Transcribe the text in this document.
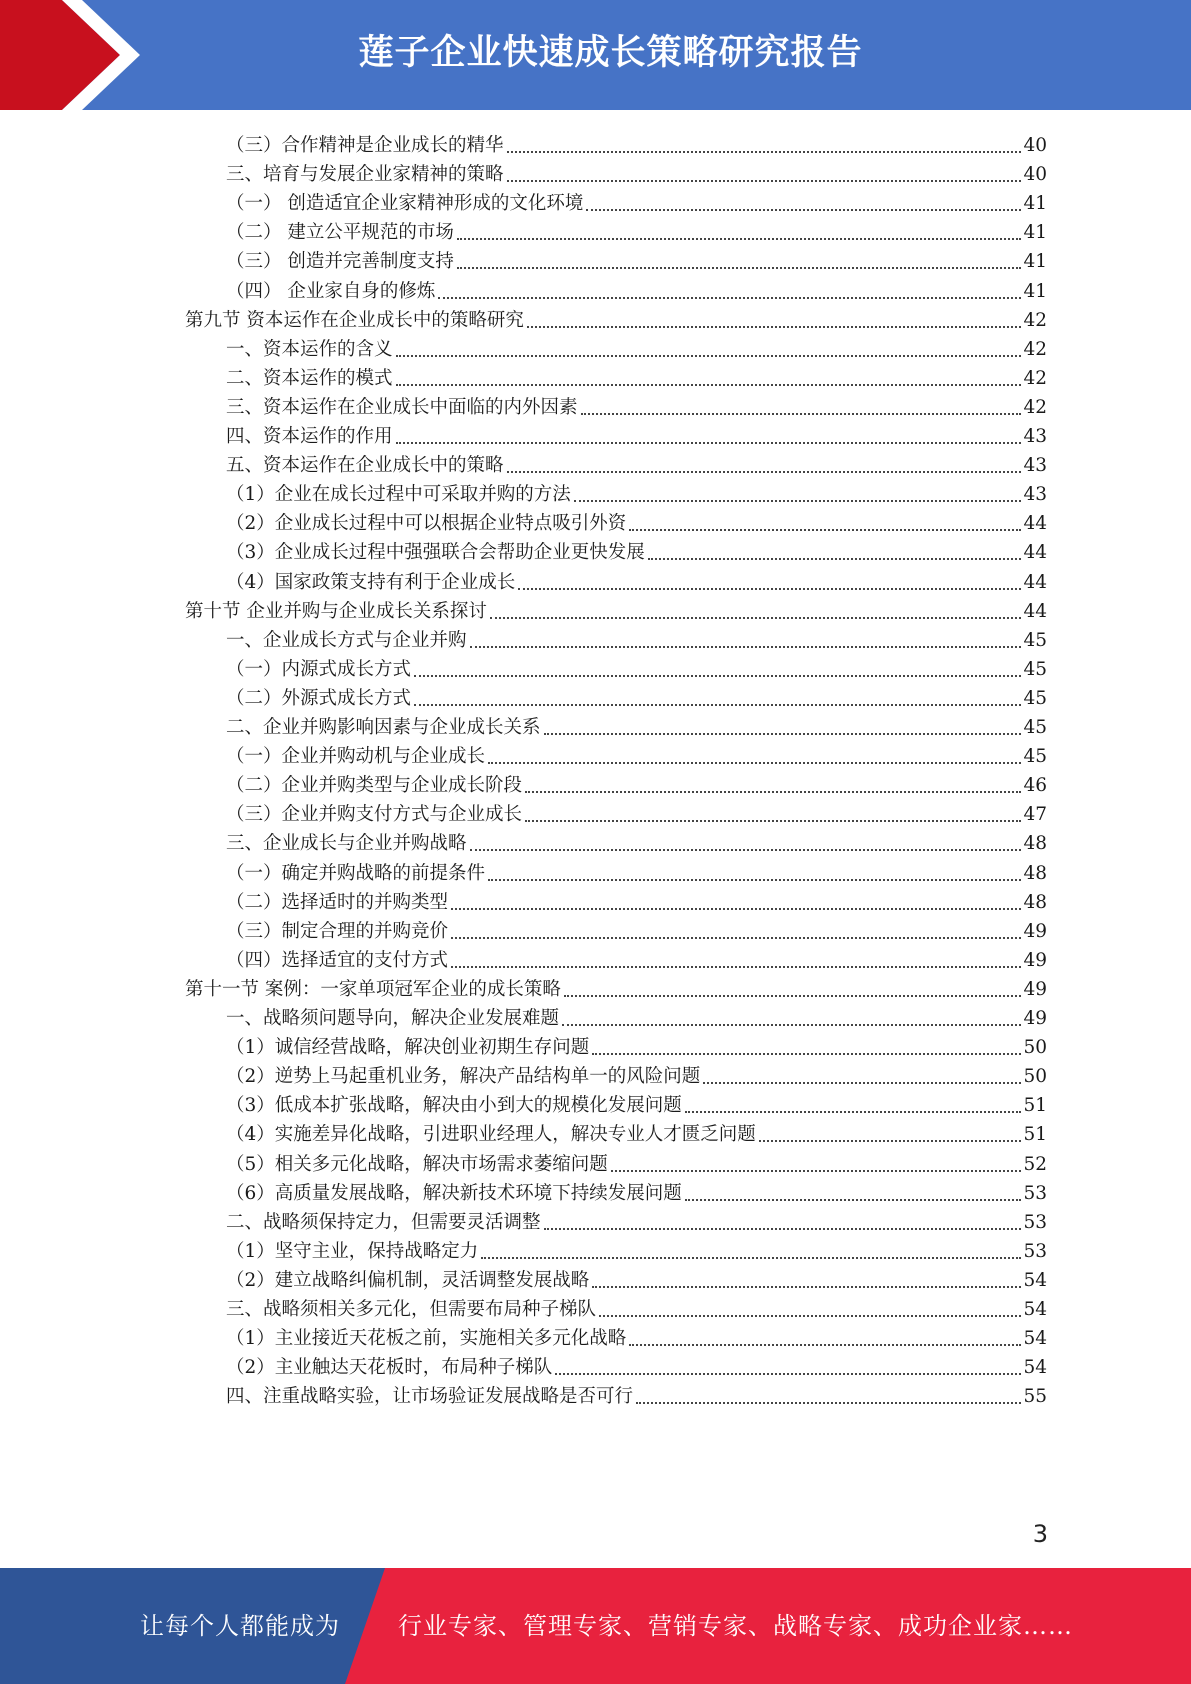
莲子企业快速成长策略研究报告
（三）合作精神是企业成长的精华	40
三、培育与发展企业家精神的策略	40
（一） 创造适宜企业家精神形成的文化环境	41
（二） 建立公平规范的市场	41
（三） 创造并完善制度支持	41
（四） 企业家自身的修炼	41
第九节 资本运作在企业成长中的策略研究	42
一、资本运作的含义	42
二、资本运作的模式	42
三、资本运作在企业成长中面临的内外因素	42
四、资本运作的作用	43
五、资本运作在企业成长中的策略	43
（1）企业在成长过程中可采取并购的方法	43
（2）企业成长过程中可以根据企业特点吸引外资	44
（3）企业成长过程中强强联合会帮助企业更快发展	44
（4）国家政策支持有利于企业成长	44
第十节 企业并购与企业成长关系探讨	44
一、企业成长方式与企业并购	45
（一）内源式成长方式	45
（二）外源式成长方式	45
二、企业并购影响因素与企业成长关系	45
（一）企业并购动机与企业成长	45
（二）企业并购类型与企业成长阶段	46
（三）企业并购支付方式与企业成长	47
三、企业成长与企业并购战略	48
（一）确定并购战略的前提条件	48
（二）选择适时的并购类型	48
（三）制定合理的并购竞价	49
（四）选择适宜的支付方式	49
第十一节 案例：一家单项冠军企业的成长策略	49
一、战略须问题导向，解决企业发展难题	49
（1）诚信经营战略，解决创业初期生存问题	50
（2）逆势上马起重机业务，解决产品结构单一的风险问题	50
（3）低成本扩张战略，解决由小到大的规模化发展问题	51
（4）实施差异化战略，引进职业经理人，解决专业人才匮乏问题	51
（5）相关多元化战略，解决市场需求萎缩问题	52
（6）高质量发展战略，解决新技术环境下持续发展问题	53
二、战略须保持定力，但需要灵活调整	53
（1）坚守主业，保持战略定力	53
（2）建立战略纠偏机制，灵活调整发展战略	54
三、战略须相关多元化，但需要布局种子梯队	54
（1）主业接近天花板之前，实施相关多元化战略	54
（2）主业触达天花板时，布局种子梯队	54
四、注重战略实验，让市场验证发展战略是否可行	55
3
让每个人都能成为 行业专家、管理专家、营销专家、战略专家、成功企业家……
